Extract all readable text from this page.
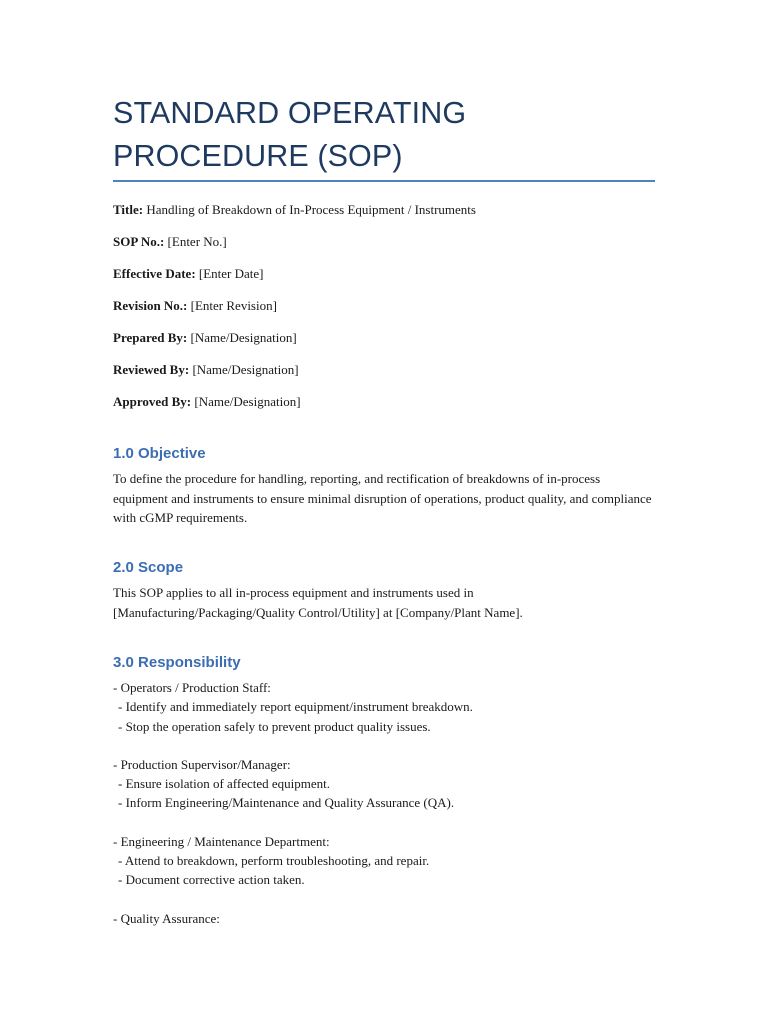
STANDARD OPERATING PROCEDURE (SOP)
Title: Handling of Breakdown of In-Process Equipment / Instruments
SOP No.: [Enter No.]
Effective Date: [Enter Date]
Revision No.: [Enter Revision]
Prepared By: [Name/Designation]
Reviewed By: [Name/Designation]
Approved By: [Name/Designation]
1.0 Objective

To define the procedure for handling, reporting, and rectification of breakdowns of in-process equipment and instruments to ensure minimal disruption of operations, product quality, and compliance with cGMP requirements.

2.0 Scope

This SOP applies to all in-process equipment and instruments used in [Manufacturing/Packaging/Quality Control/Utility] at [Company/Plant Name].

3.0 Responsibility
- Operators / Production Staff:
- Identify and immediately report equipment/instrument breakdown.
- Stop the operation safely to prevent product quality issues.
- Production Supervisor/Manager:
- Ensure isolation of affected equipment.
- Inform Engineering/Maintenance and Quality Assurance (QA).
- Engineering / Maintenance Department:
- Attend to breakdown, perform troubleshooting, and repair.
- Document corrective action taken.
- Quality Assurance:
